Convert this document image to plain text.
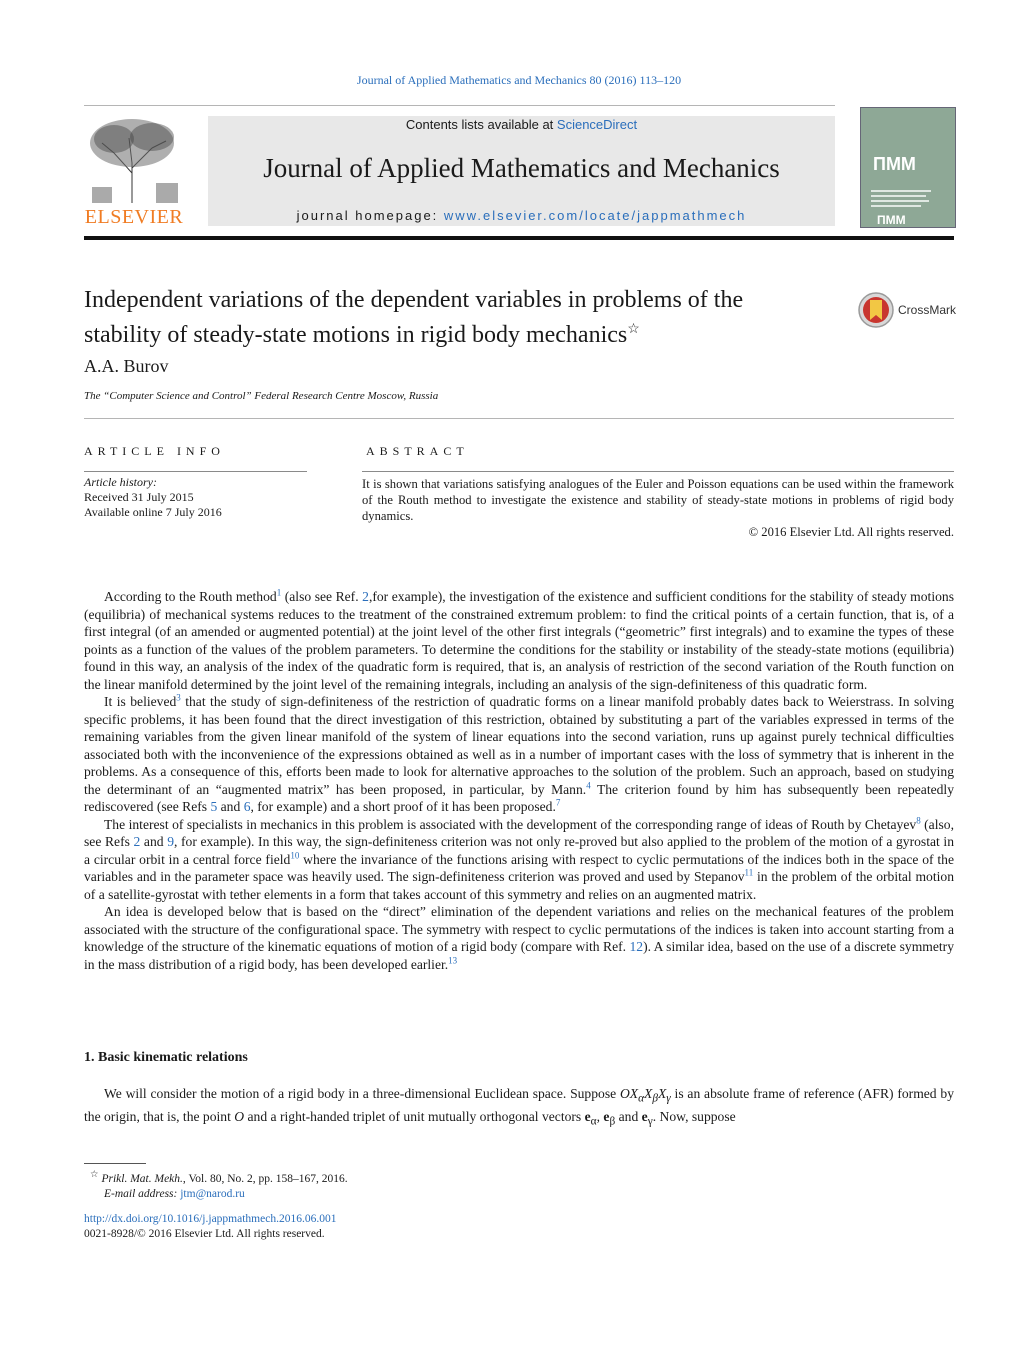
Journal of Applied Mathematics and Mechanics 80 (2016) 113–120
ELSEVIER
Contents lists available at ScienceDirect
Journal of Applied Mathematics and Mechanics
journal homepage: www.elsevier.com/locate/jappmathmech
ПММ
ПММ
Independent variations of the dependent variables in problems of the
stability of steady-state motions in rigid body mechanics☆
CrossMark
A.A. Burov
The “Computer Science and Control” Federal Research Centre Moscow, Russia
ARTICLE INFO	ABSTRACT
Article history:
Received 31 July 2015
Available online 7 July 2016
It is shown that variations satisfying analogues of the Euler and Poisson equations can be used within the framework of the Routh method to investigate the existence and stability of steady-state motions in problems of rigid body dynamics.
© 2016 Elsevier Ltd. All rights reserved.

According to the Routh method$^1$ (also see Ref. 2,for example), the investigation of the existence and sufficient conditions for the stability of steady motions (equilibria) of mechanical systems reduces to the treatment of the constrained extremum problem: to find the critical points of a certain function, that is, of a first integral (of an amended or augmented potential) at the joint level of the other first integrals (“geometric” first integrals) and to examine the types of these points as a function of the values of the problem parameters. To determine the conditions for the stability or instability of the steady-state motions (equilibria) found in this way, an analysis of the index of the quadratic form is required, that is, an analysis of restriction of the second variation of the Routh function on the linear manifold determined by the joint level of the remaining integrals, including an analysis of the sign-definiteness of this quadratic form.

It is believed$^3$ that the study of sign-definiteness of the restriction of quadratic forms on a linear manifold probably dates back to Weierstrass. In solving specific problems, it has been found that the direct investigation of this restriction, obtained by substituting a part of the variables expressed in terms of the remaining variables from the given linear manifold of the system of linear equations into the second variation, runs up against purely technical difficulties associated both with the inconvenience of the expressions obtained as well as in a number of important cases with the loss of symmetry that is inherent in the problems. As a consequence of this, efforts been made to look for alternative approaches to the solution of the problem. Such an approach, based on studying the determinant of an “augmented matrix” has been proposed, in particular, by Mann.$^4$ The criterion found by him has subsequently been repeatedly rediscovered (see Refs 5 and 6, for example) and a short proof of it has been proposed.$^7$

The interest of specialists in mechanics in this problem is associated with the development of the corresponding range of ideas of Routh by Chetayev$^8$ (also, see Refs 2 and 9, for example). In this way, the sign-definiteness criterion was not only re-proved but also applied to the problem of the motion of a gyrostat in a circular orbit in a central force field$^{10}$ where the invariance of the functions arising with respect to cyclic permutations of the indices both in the space of the variables and in the parameter space was heavily used. The sign-definiteness criterion was proved and used by Stepanov$^{11}$ in the problem of the orbital motion of a satellite-gyrostat with tether elements in a form that takes account of this symmetry and relies on an augmented matrix.

An idea is developed below that is based on the “direct” elimination of the dependent variations and relies on the mechanical features of the problem associated with the structure of the configurational space. The symmetry with respect to cyclic permutations of the indices is taken into account starting from a knowledge of the structure of the kinematic equations of motion of a rigid body (compare with Ref. 12). A similar idea, based on the use of a discrete symmetry in the mass distribution of a rigid body, has been developed earlier.$^{13}$

1. Basic kinematic relations

We will consider the motion of a rigid body in a three-dimensional Euclidean space. Suppose $OX_\alpha X_\beta X_\gamma$ is an absolute frame of reference (AFR) formed by the origin, that is, the point O and a right-handed triplet of unit mutually orthogonal vectors $e_\alpha$, $e_\beta$ and $e_\gamma$. Now, suppose

☆ Prikl. Mat. Mekh., Vol. 80, No. 2, pp. 158–167, 2016.
E-mail address: jtm@narod.ru
http://dx.doi.org/10.1016/j.jappmathmech.2016.06.001
0021-8928/© 2016 Elsevier Ltd. All rights reserved.
